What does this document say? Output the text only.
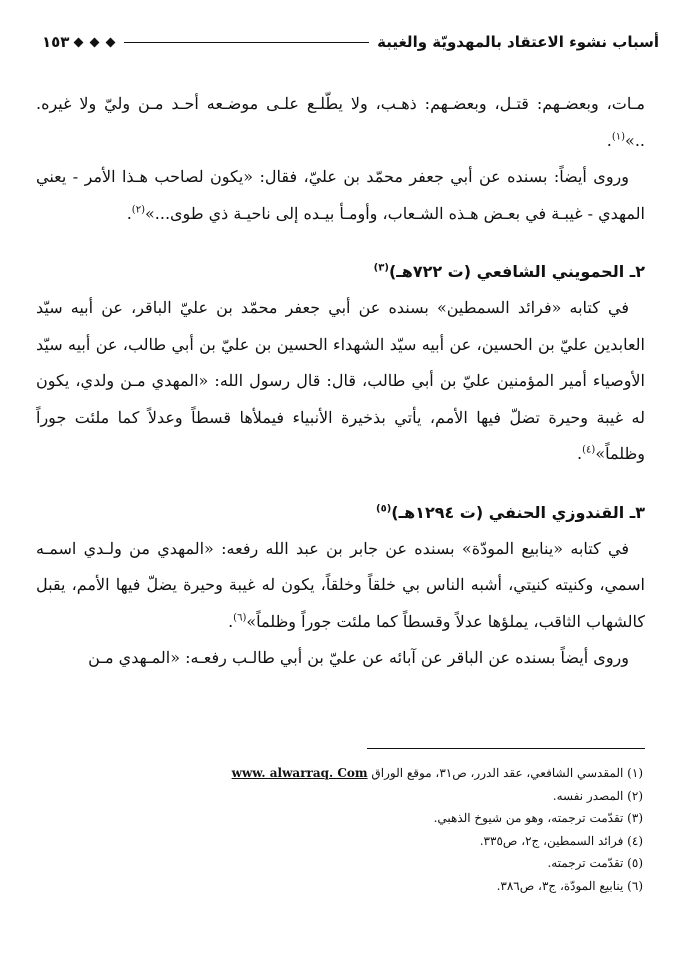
أسباب نشوء الاعتقاد بالمهدويّة والغيبة
١٥٣

مـات، وبعضـهم: قتـل، وبعضـهم: ذهـب، ولا يطّلـع علـى موضـعه أحـد مـن وليّ ولا غيره. ..»$^{(١)}$.

وروى أيضاً: بسنده عن أبي جعفر محمّد بن عليّ، فقال: «يكون لصاحب هـذا الأمر - يعني المهدي - غيبـة في بعـض هـذه الشـعاب، وأومـأ بيـده إلى ناحيـة ذي طوى...»$^{(٢)}$.

٢ـ الحمويني الشافعي (ت ٧٢٢هـ)$^{(٣)}$

في كتابه «فرائد السمطين» بسنده عن أبي جعفر محمّد بن عليّ الباقر، عن أبيه سيّد العابدين عليّ بن الحسين، عن أبيه سيّد الشهداء الحسين بن عليّ بن أبي طالب، عن أبيه سيّد الأوصياء أمير المؤمنين عليّ بن أبي طالب، قال: قال رسول الله: «المهدي مـن ولدي، يكون له غيبة وحيرة تضلّ فيها الأمم، يأتي بذخيرة الأنبياء فيملأها قسطاً وعدلاً كما ملئت جوراً وظلماً»$^{(٤)}$.

٣ـ القندوزي الحنفي (ت ١٢٩٤هـ)$^{(٥)}$

في كتابه «ينابيع المودّة» بسنده عن جابر بن عبد الله رفعه: «المهدي من ولـدي اسمـه اسمي، وكنيته كنيتي، أشبه الناس بي خلقاً وخلقاً، يكون له غيبة وحيرة يضلّ فيها الأمم، يقبل كالشهاب الثاقب، يملؤها عدلاً وقسطاً كما ملئت جوراً وظلماً»$^{(٦)}$.

وروى أيضاً بسنده عن الباقر عن آبائه عن عليّ بن أبي طالـب رفعـه: «المـهدي مـن

(١) المقدسي الشافعي، عقد الدرر، ص٣١، موقع الوراق www. alwarraq. Com
(٢) المصدر نفسه.
(٣) تقدّمت ترجمته، وهو من شيوخ الذهبي.
(٤) فرائد السمطين، ج٢، ص٣٣٥.
(٥) تقدّمت ترجمته.
(٦) ينابيع المودّة، ج٣، ص٣٨٦.
